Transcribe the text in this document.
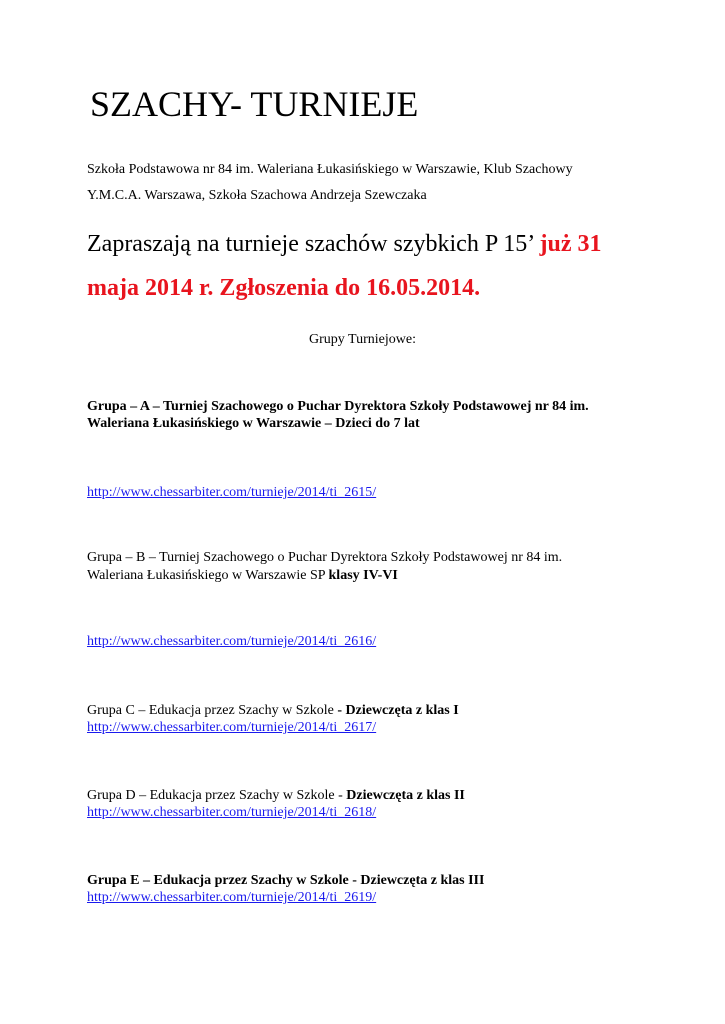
SZACHY- TURNIEJE
Szkoła Podstawowa nr 84 im. Waleriana Łukasińskiego w Warszawie, Klub Szachowy
Y.M.C.A. Warszawa, Szkoła Szachowa Andrzeja Szewczaka
Zapraszają na turnieje szachów szybkich P 15’ już 31
maja 2014 r. Zgłoszenia do 16.05.2014.
Grupy Turniejowe:
Grupa – A – Turniej Szachowego o Puchar Dyrektora Szkoły Podstawowej nr 84 im.
Waleriana Łukasińskiego w Warszawie – Dzieci do 7 lat
http://www.chessarbiter.com/turnieje/2014/ti_2615/
Grupa – B – Turniej Szachowego o Puchar Dyrektora Szkoły Podstawowej nr 84 im.
Waleriana Łukasińskiego w Warszawie SP klasy IV-VI
http://www.chessarbiter.com/turnieje/2014/ti_2616/
Grupa C – Edukacja przez Szachy w Szkole - Dziewczęta z klas I
http://www.chessarbiter.com/turnieje/2014/ti_2617/
Grupa D – Edukacja przez Szachy w Szkole - Dziewczęta z klas II
http://www.chessarbiter.com/turnieje/2014/ti_2618/
Grupa E – Edukacja przez Szachy w Szkole - Dziewczęta z klas III
http://www.chessarbiter.com/turnieje/2014/ti_2619/
